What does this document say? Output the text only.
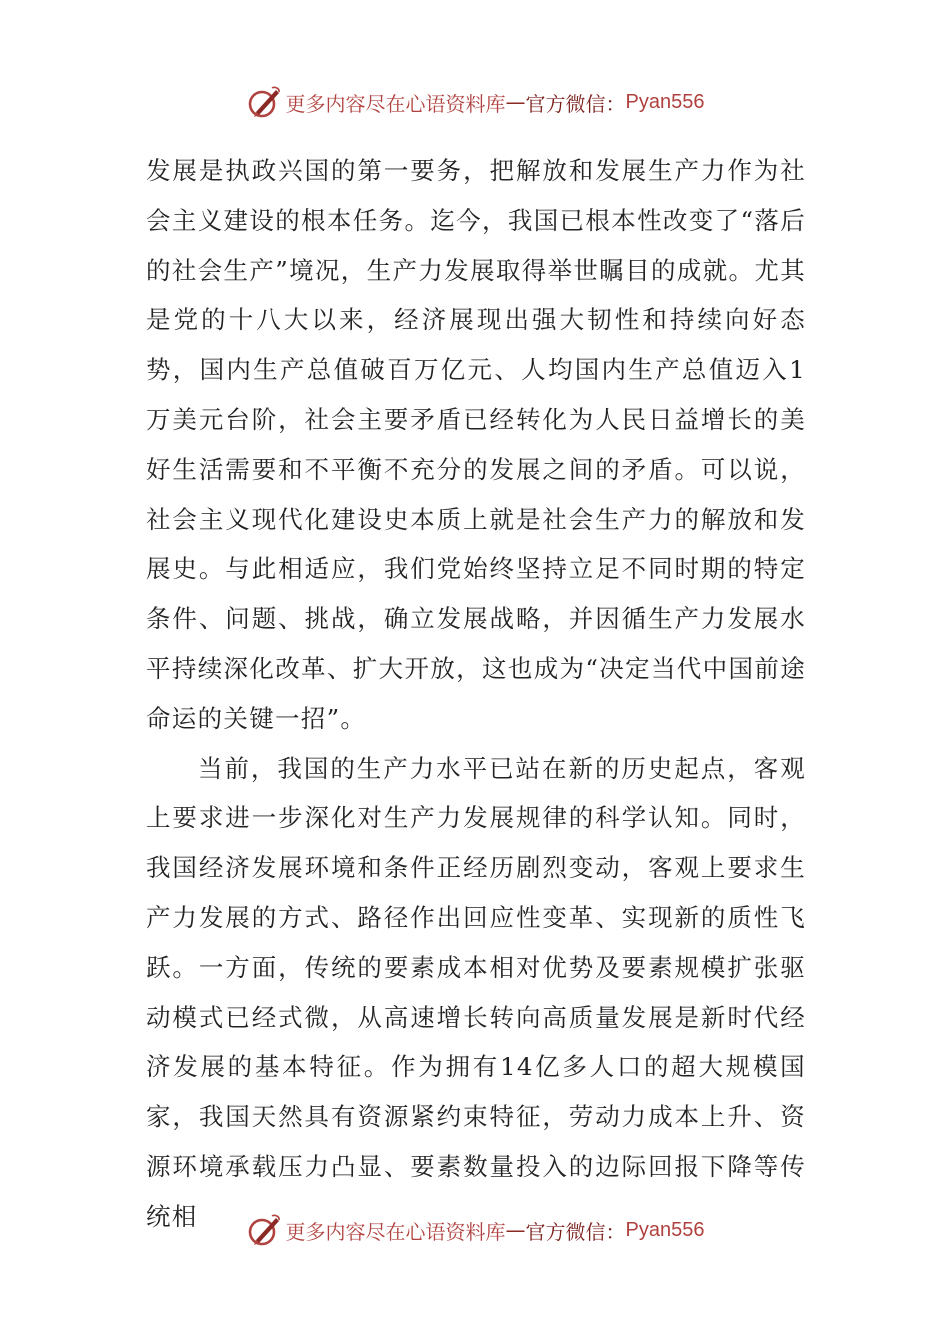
更多内容尽在心语资料库 — 官方微信： Pyan556

发展是执政兴国的第一要务，把解放和发展生产力作为社会主义建设的根本任务。迄今，我国已根本性改变了“落后的社会生产”境况，生产力发展取得举世瞩目的成就。尤其是党的十八大以来，经济展现出强大韧性和持续向好态势，国内生产总值破百万亿元、人均国内生产总值迈入1万美元台阶，社会主要矛盾已经转化为人民日益增长的美好生活需要和不平衡不充分的发展之间的矛盾。可以说，社会主义现代化建设史本质上就是社会生产力的解放和发展史。与此相适应，我们党始终坚持立足不同时期的特定条件、问题、挑战，确立发展战略，并因循生产力发展水平持续深化改革、扩大开放，这也成为“决定当代中国前途命运的关键一招”。

当前，我国的生产力水平已站在新的历史起点，客观上要求进一步深化对生产力发展规律的科学认知。同时，我国经济发展环境和条件正经历剧烈变动，客观上要求生产力发展的方式、路径作出回应性变革、实现新的质性飞跃。一方面，传统的要素成本相对优势及要素规模扩张驱动模式已经式微，从高速增长转向高质量发展是新时代经济发展的基本特征。作为拥有14亿多人口的超大规模国家，我国天然具有资源紧约束特征，劳动力成本上升、资源环境承载压力凸显、要素数量投入的边际回报下降等传统相

更多内容尽在心语资料库 — 官方微信： Pyan556
